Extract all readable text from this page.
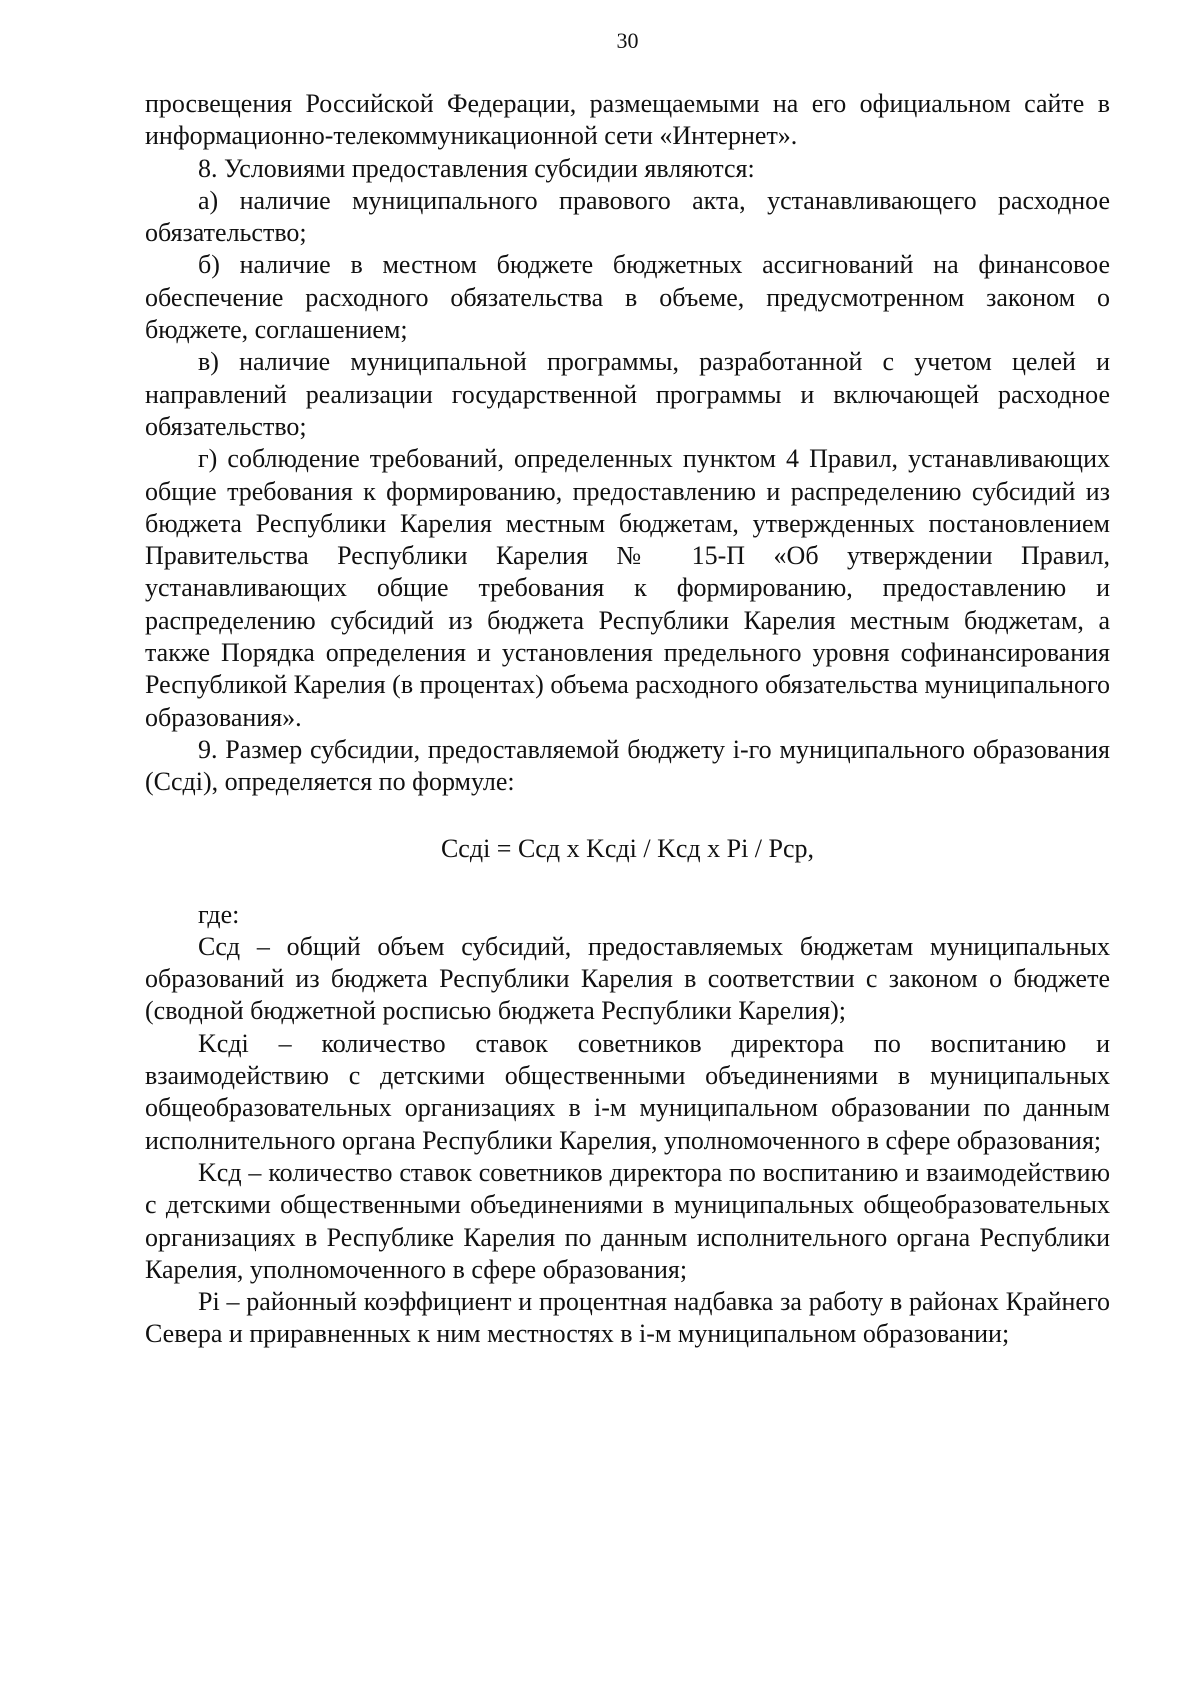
30

просвещения Российской Федерации, размещаемыми на его официальном сайте в информационно-телекоммуникационной сети «Интернет».

8. Условиями предоставления субсидии являются:

а) наличие муниципального правового акта, устанавливающего расходное обязательство;

б) наличие в местном бюджете бюджетных ассигнований на финансовое обеспечение расходного обязательства в объеме, предусмотренном законом о бюджете, соглашением;

в) наличие муниципальной программы, разработанной с учетом целей и направлений реализации государственной программы и включающей расходное обязательство;

г) соблюдение требований, определенных пунктом 4 Правил, устанавливающих общие требования к формированию, предоставлению и распределению субсидий из бюджета Республики Карелия местным бюджетам, утвержденных постановлением Правительства Республики Карелия № 15-П «Об утверждении Правил, устанавливающих общие требования к формированию, предоставлению и распределению субсидий из бюджета Республики Карелия местным бюджетам, а также Порядка определения и установления предельного уровня софинансирования Республикой Карелия (в процентах) объема расходного обязательства муниципального образования».

9. Размер субсидии, предоставляемой бюджету i-го муниципального образования (Ccдi), определяется по формуле:

Ccдi = Ccд х Kcдi / Kcд х Pi / Pcp,

где:

Ccд – общий объем субсидий, предоставляемых бюджетам муниципальных образований из бюджета Республики Карелия в соответствии с законом о бюджете (сводной бюджетной росписью бюджета Республики Карелия);

Kcдi – количество ставок советников директора по воспитанию и взаимодействию с детскими общественными объединениями в муниципальных общеобразовательных организациях в i-м муниципальном образовании по данным исполнительного органа Республики Карелия, уполномоченного в сфере образования;

Kcд – количество ставок советников директора по воспитанию и взаимодействию с детскими общественными объединениями в муниципальных общеобразовательных организациях в Республике Карелия по данным исполнительного органа Республики Карелия, уполномоченного в сфере образования;

Pi – районный коэффициент и процентная надбавка за работу в районах Крайнего Севера и приравненных к ним местностях в i-м муниципальном образовании;
